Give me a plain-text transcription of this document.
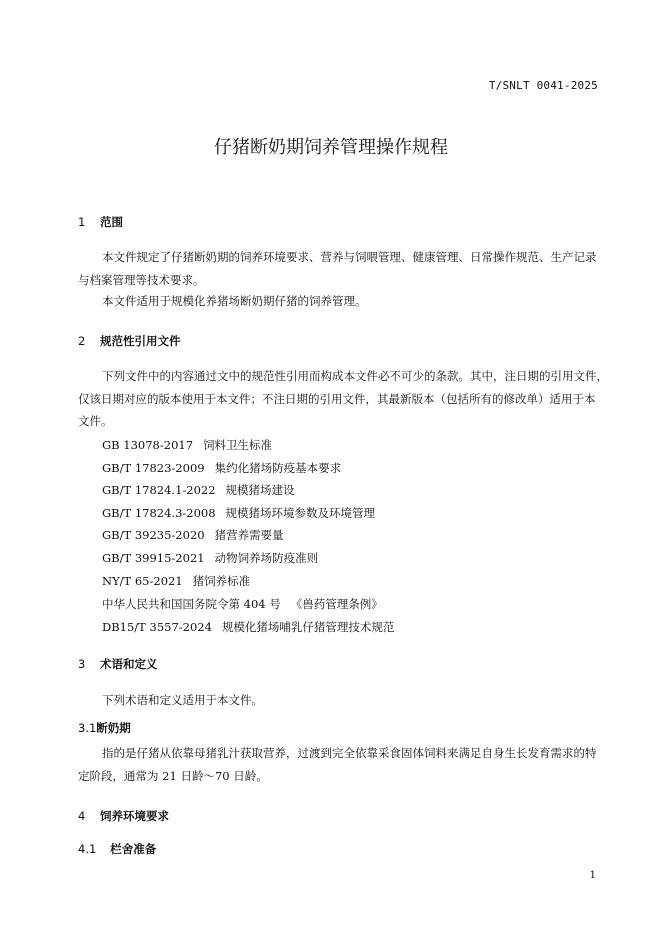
T/SNLT 0041-2025
仔猪断奶期饲养管理操作规程
1 范围

本文件规定了仔猪断奶期的饲养环境要求、营养与饲喂管理、健康管理、日常操作规范、生产记录

与档案管理等技术要求。

本文件适用于规模化养猪场断奶期仔猪的饲养管理。

2 规范性引用文件

下列文件中的内容通过文中的规范性引用而构成本文件必不可少的条款。其中，注日期的引用文件，

仅该日期对应的版本使用于本文件；不注日期的引用文件，其最新版本（包括所有的修改单）适用于本

文件。

GB 13078-2017 饲料卫生标准
GB/T 17823-2009 集约化猪场防疫基本要求
GB/T 17824.1-2022 规模猪场建设
GB/T 17824.3-2008 规模猪场环境参数及环境管理
GB/T 39235-2020 猪营养需要量
GB/T 39915-2021 动物饲养场防疫准则
NY/T 65-2021 猪饲养标准
中华人民共和国国务院令第 404 号 《兽药管理条例》
DB15/T 3557-2024 规模化猪场哺乳仔猪管理技术规范
3 术语和定义
下列术语和定义适用于本文件。
3.1断奶期

指的是仔猪从依靠母猪乳汁获取营养，过渡到完全依靠采食固体饲料来满足自身生长发育需求的特

定阶段，通常为 21 日龄～70 日龄。

4 饲养环境要求
4.1 栏舍准备
1
